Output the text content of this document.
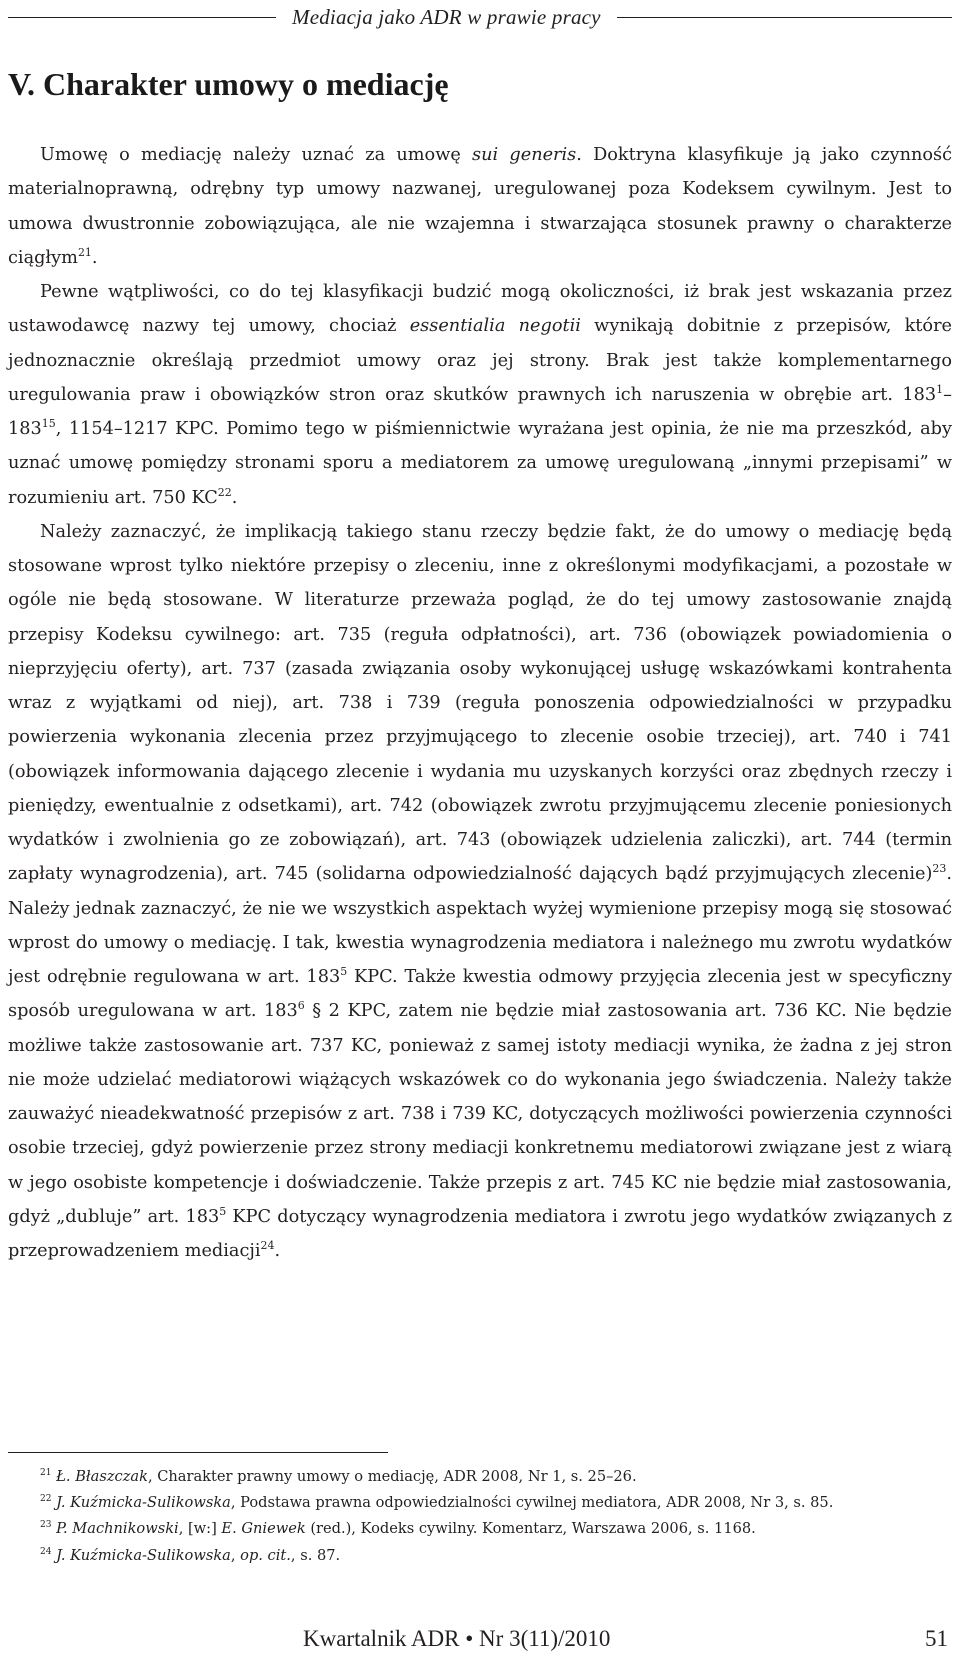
Mediacja jako ADR w prawie pracy
V. Charakter umowy o mediację

Umowę o mediację należy uznać za umowę sui generis. Doktryna klasyfikuje ją jako czynność materialnoprawną, odrębny typ umowy nazwanej, uregulowanej poza Kodeksem cywilnym. Jest to umowa dwustronnie zobowiązująca, ale nie wzajemna i stwarzająca stosunek prawny o charakterze ciągłym$^{21}$.

Pewne wątpliwości, co do tej klasyfikacji budzić mogą okoliczności, iż brak jest wskazania przez ustawodawcę nazwy tej umowy, chociaż essentialia negotii wynikają dobitnie z przepisów, które jednoznacznie określają przedmiot umowy oraz jej strony. Brak jest także komplementarnego uregulowania praw i obowiązków stron oraz skutków prawnych ich naruszenia w obrębie art. $183^1-183^{15}$, 1154–1217 KPC. Pomimo tego w piśmiennictwie wyrażana jest opinia, że nie ma przeszkód, aby uznać umowę pomiędzy stronami sporu a mediatorem za umowę uregulowaną „innymi przepisami” w rozumieniu art. 750 KC$^{22}$.

Należy zaznaczyć, że implikacją takiego stanu rzeczy będzie fakt, że do umowy o mediację będą stosowane wprost tylko niektóre przepisy o zleceniu, inne z określonymi modyfikacjami, a pozostałe w ogóle nie będą stosowane. W literaturze przeważa pogląd, że do tej umowy zastosowanie znajdą przepisy Kodeksu cywilnego: art. 735 (reguła odpłatności), art. 736 (obowiązek powiadomienia o nieprzyjęciu oferty), art. 737 (zasada związania osoby wykonującej usługę wskazówkami kontrahenta wraz z wyjątkami od niej), art. 738 i 739 (reguła ponoszenia odpowiedzialności w przypadku powierzenia wykonania zlecenia przez przyjmującego to zlecenie osobie trzeciej), art. 740 i 741 (obowiązek informowania dającego zlecenie i wydania mu uzyskanych korzyści oraz zbędnych rzeczy i pieniędzy, ewentualnie z odsetkami), art. 742 (obowiązek zwrotu przyjmującemu zlecenie poniesionych wydatków i zwolnienia go ze zobowiązań), art. 743 (obowiązek udzielenia zaliczki), art. 744 (termin zapłaty wynagrodzenia), art. 745 (solidarna odpowiedzialność dających bądź przyjmujących zlecenie)$^{23}$. Należy jednak zaznaczyć, że nie we wszystkich aspektach wyżej wymienione przepisy mogą się stosować wprost do umowy o mediację. I tak, kwestia wynagrodzenia mediatora i należnego mu zwrotu wydatków jest odrębnie regulowana w art. $183^5$ KPC. Także kwestia odmowy przyjęcia zlecenia jest w specyficzny sposób uregulowana w art. $183^6$ § 2 KPC, zatem nie będzie miał zastosowania art. 736 KC. Nie będzie możliwe także zastosowanie art. 737 KC, ponieważ z samej istoty mediacji wynika, że żadna z jej stron nie może udzielać mediatorowi wiążących wskazówek co do wykonania jego świadczenia. Należy także zauważyć nieadekwatność przepisów z art. 738 i 739 KC, dotyczących możliwości powierzenia czynności osobie trzeciej, gdyż powierzenie przez strony mediacji konkretnemu mediatorowi związane jest z wiarą w jego osobiste kompetencje i doświadczenie. Także przepis z art. 745 KC nie będzie miał zastosowania, gdyż „dubluje” art. $183^5$ KPC dotyczący wynagrodzenia mediatora i zwrotu jego wydatków związanych z przeprowadzeniem mediacji$^{24}$.

$^{21}$ Ł. Błaszczak, Charakter prawny umowy o mediację, ADR 2008, Nr 1, s. 25–26.
$^{22}$ J. Kuźmicka-Sulikowska, Podstawa prawna odpowiedzialności cywilnej mediatora, ADR 2008, Nr 3, s. 85.
$^{23}$ P. Machnikowski, [w:] E. Gniewek (red.), Kodeks cywilny. Komentarz, Warszawa 2006, s. 1168.
$^{24}$ J. Kuźmicka-Sulikowska, op. cit., s. 87.
Kwartalnik ADR • Nr 3(11)/2010	51
